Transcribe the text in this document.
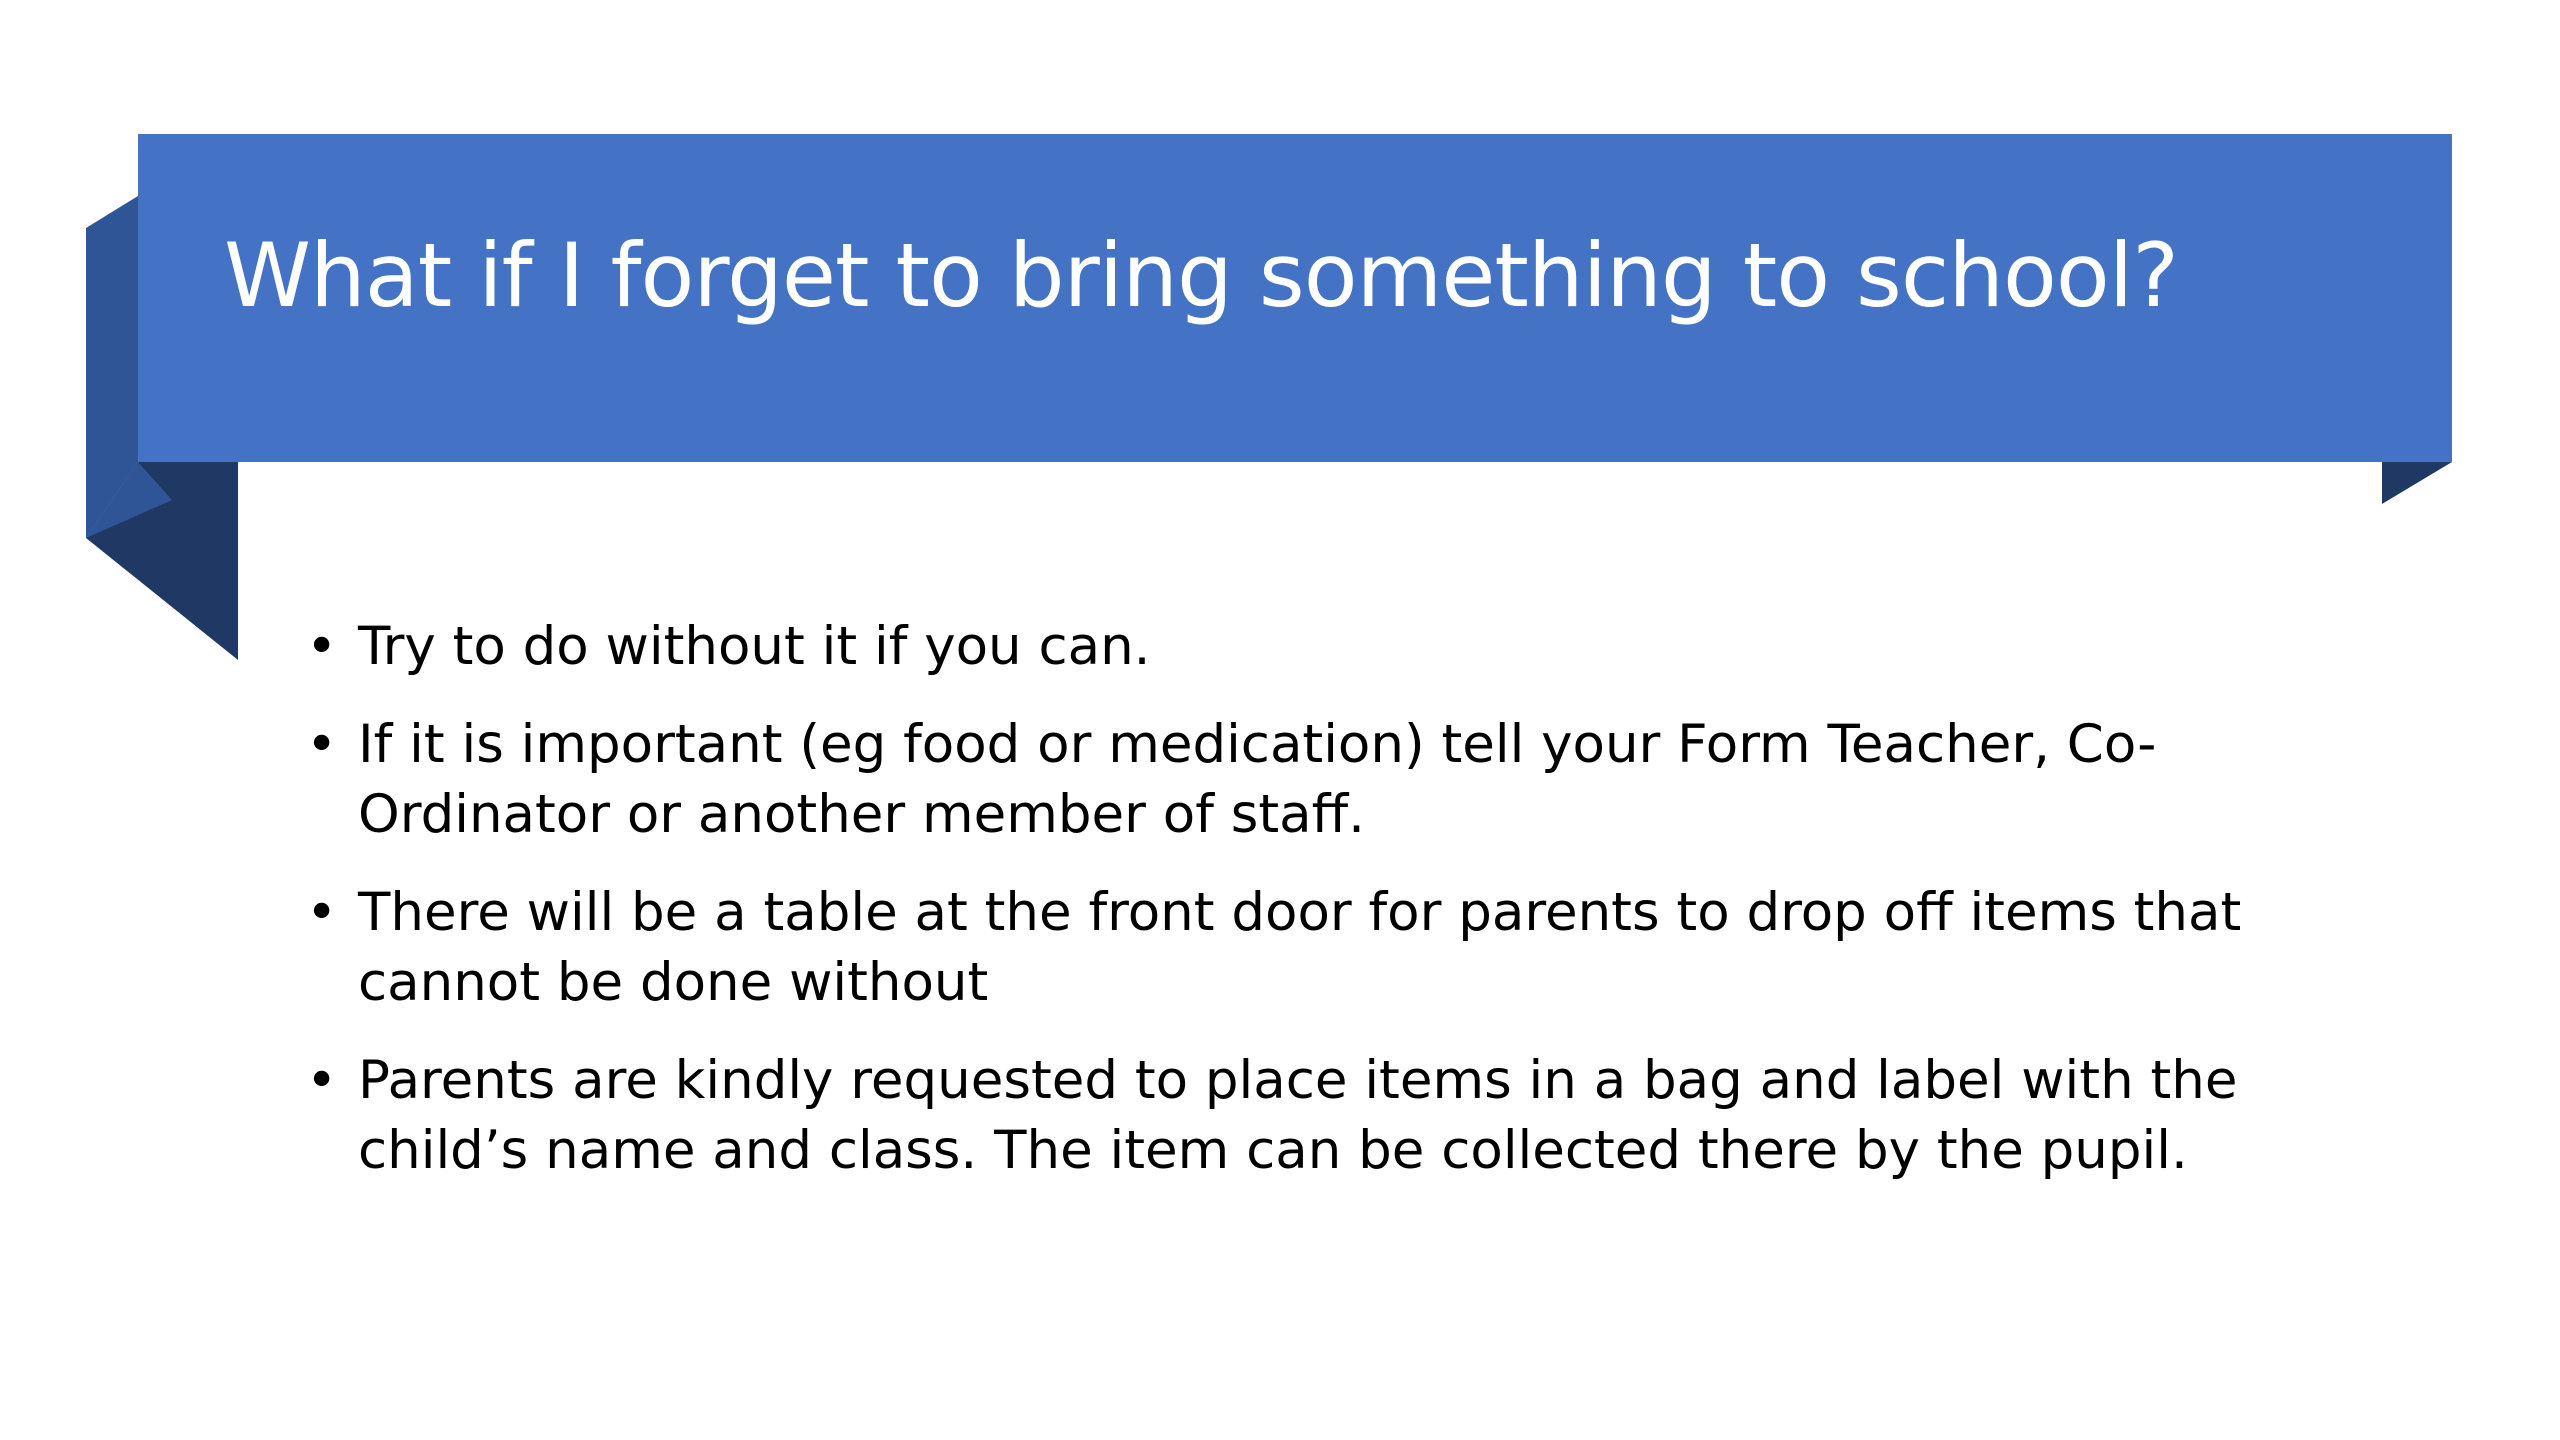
What if I forget to bring something to school?
• Try to do without it if you can.
• If it is important (eg food or medication) tell your Form Teacher, Co-Ordinator or another member of staff.
• There will be a table at the front door for parents to drop off items that cannot be done without
• Parents are kindly requested to place items in a bag and label with the child’s name and class. The item can be collected there by the pupil.
